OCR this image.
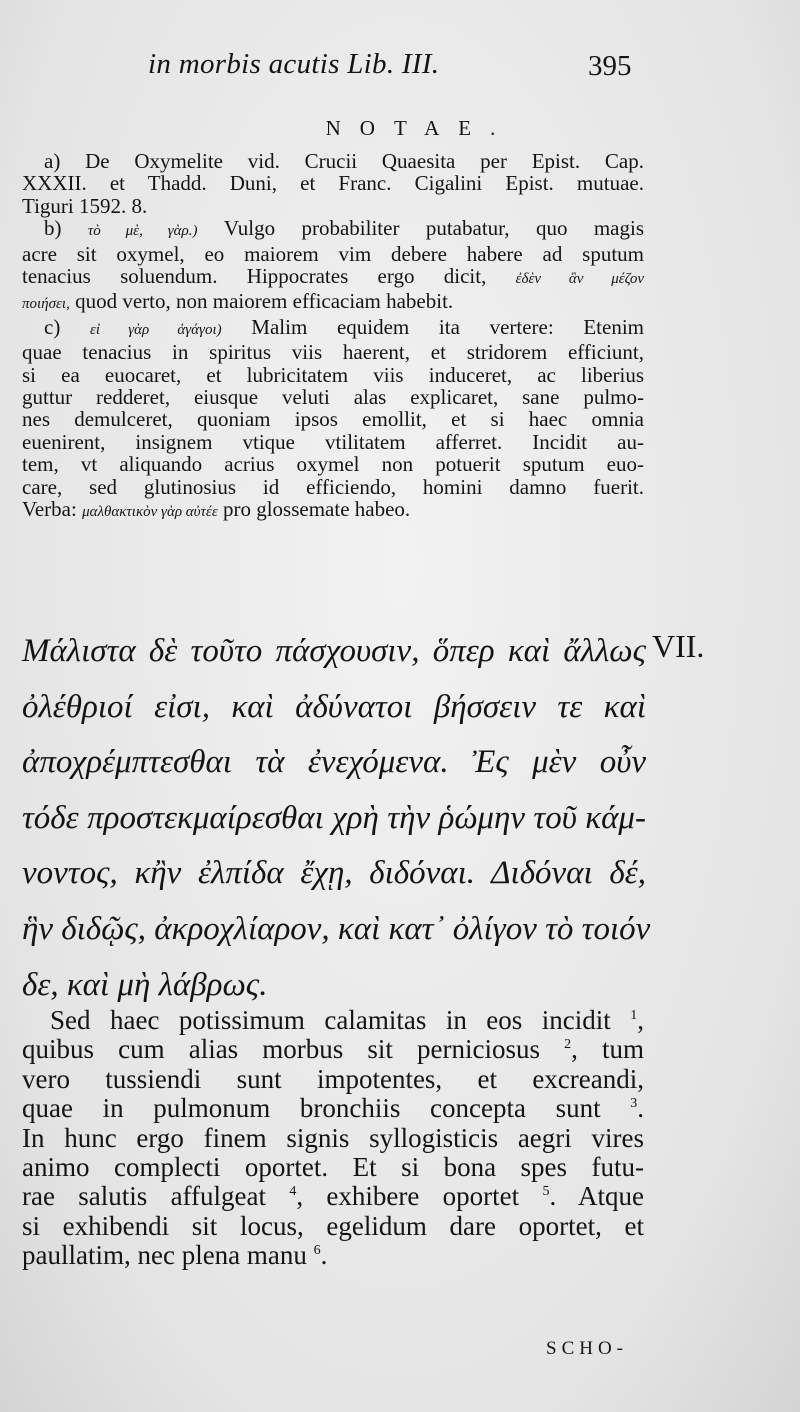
in morbis acutis Lib. III.	395
NOTAE.
a) De Oxymelite vid. Crucii Quaesita per Epist. Cap.
XXXII. et Thadd. Duni, et Franc. Cigalini Epist. mutuae.
Tiguri 1592. 8.
b) τὸ μὲ, γὰρ.) Vulgo probabiliter putabatur, quo magis
acre sit oxymel, eo maiorem vim debere habere ad sputum
tenacius soluendum. Hippocrates ergo dicit, ἐδὲν ἂν μέζον
ποιήσει, quod verto, non maiorem efficaciam habebit.
c) εἰ γὰρ ἀγάγοι) Malim equidem ita vertere: Etenim
quae tenacius in spiritus viis haerent, et stridorem efficiunt,
si ea euocaret, et lubricitatem viis induceret, ac liberius
guttur redderet, eiusque veluti alas explicaret, sane pulmo-
nes demulceret, quoniam ipsos emollit, et si haec omnia
euenirent, insignem vtique vtilitatem afferret. Incidit au-
tem, vt aliquando acrius oxymel non potuerit sputum euo-
care, sed glutinosius id efficiendo, homini damno fuerit.
Verba: μαλθακτικὸν γὰρ αὐτέε pro glossemate habeo.
Μάλιστα δὲ τοῦτο πάσχουσιν, ὅπερ καὶ ἄλλως
ὀλέθριοί εἰσι, καὶ ἀδύνατοι βήσσειν τε καὶ
ἀποχρέμπτεσθαι τὰ ἐνεχόμενα. Ἐς μὲν οὖν
τόδε προστεκμαίρεσθαι χρὴ τὴν ῥώμην τοῦ κάμ-
νοντος, κἢν ἐλπίδα ἔχῃ, διδόναι. Διδόναι δέ,
ἣν διδῷς, ἀκροχλίαρον, καὶ κατ᾽ ὀλίγον τὸ τοιόν
δε, καὶ μὴ λάβρως.
VII.
Sed haec potissimum calamitas in eos incidit $^1$,
quibus cum alias morbus sit perniciosus $^2$, tum
vero tussiendi sunt impotentes, et excreandi,
quae in pulmonum bronchiis concepta sunt $^3$.
In hunc ergo finem signis syllogisticis aegri vires
animo complecti oportet. Et si bona spes futu-
rae salutis affulgeat $^4$, exhibere oportet $^5$. Atque
si exhibendi sit locus, egelidum dare oportet, et
paullatim, nec plena manu $^6$.
SCHO-
